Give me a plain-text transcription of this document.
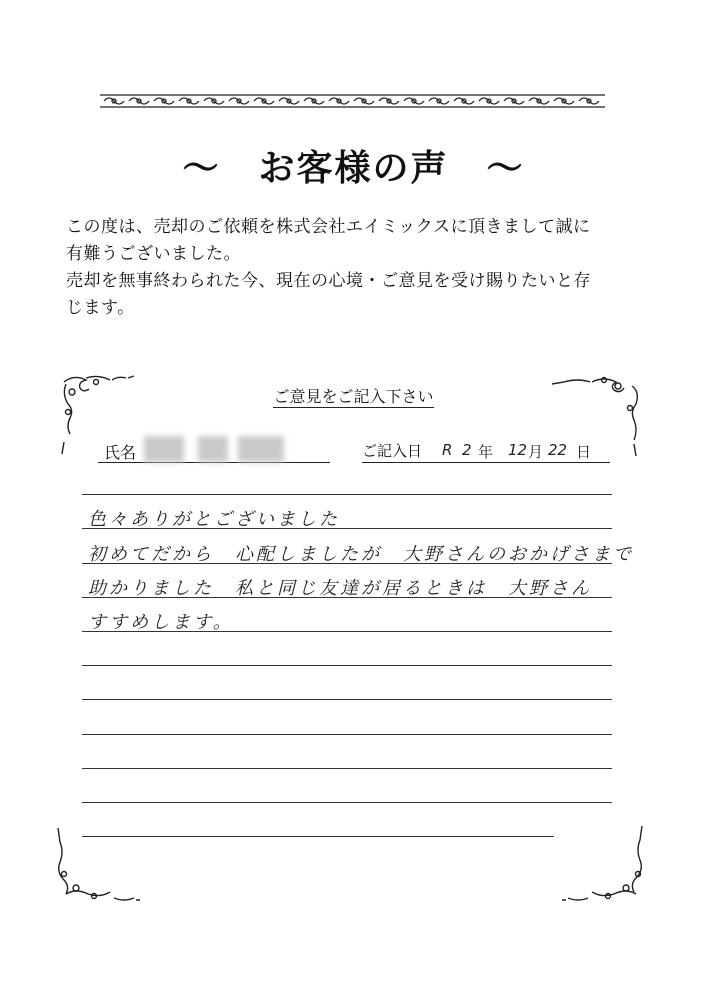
～　お客様の声　～

この度は、売却のご依頼を株式会社エイミックスに頂きまして誠に

有難うございました。

売却を無事終わられた今、現在の心境・ご意見を受け賜りたいと存

じます。

ご意見をご記入下さい
氏名	ご記入日 R 2 年 12 月 22 日
色々ありがとございました
初めてだから　心配しましたが　大野さんのおかげさまで
助かりました　私と同じ友達が居るときは　大野さん
すすめします。
